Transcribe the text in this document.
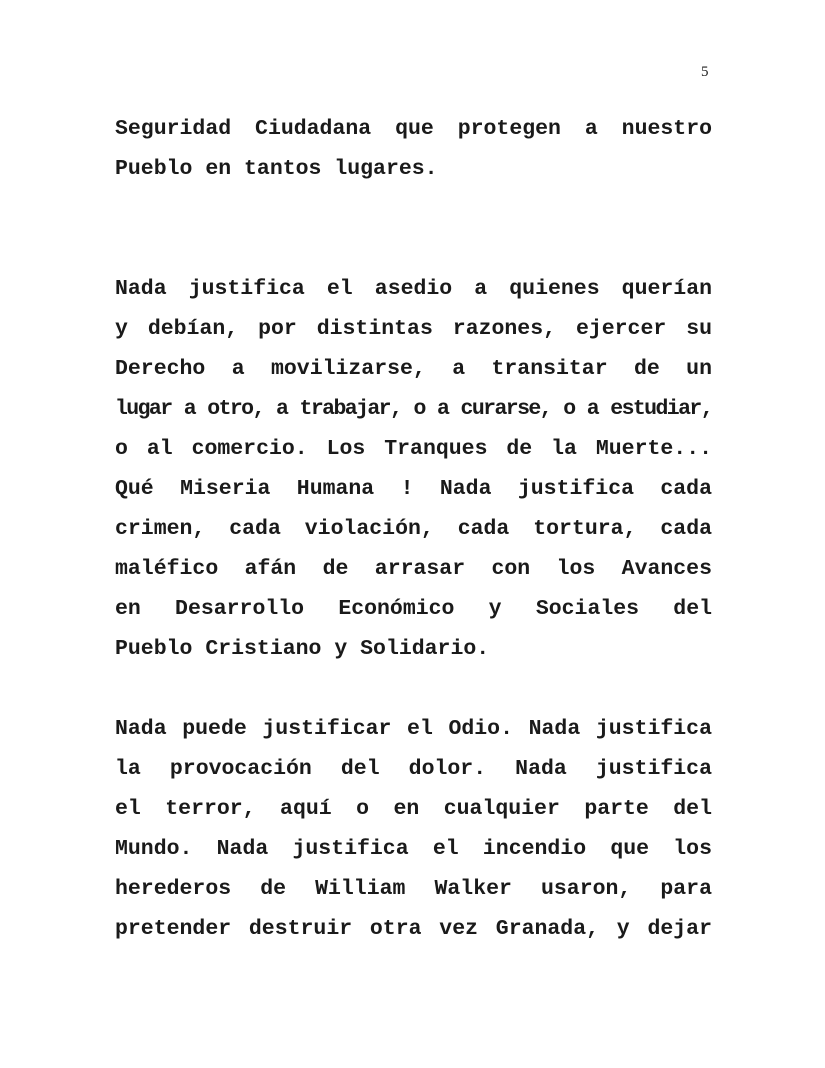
5
Seguridad Ciudadana que protegen a nuestro
Pueblo en tantos lugares.
Nada justifica el asedio a quienes querían
y debían, por distintas razones, ejercer su
Derecho a movilizarse, a transitar de un
lugar a otro, a trabajar, o a curarse, o a estudiar,
o al comercio. Los Tranques de la Muerte...
Qué Miseria Humana ! Nada justifica cada
crimen, cada violación, cada tortura, cada
maléfico afán de arrasar con los Avances
en Desarrollo Económico y Sociales del
Pueblo Cristiano y Solidario.
Nada puede justificar el Odio. Nada justifica
la provocación del dolor. Nada justifica
el terror, aquí o en cualquier parte del
Mundo. Nada justifica el incendio que los
herederos de William Walker usaron, para
pretender destruir otra vez Granada, y dejar
